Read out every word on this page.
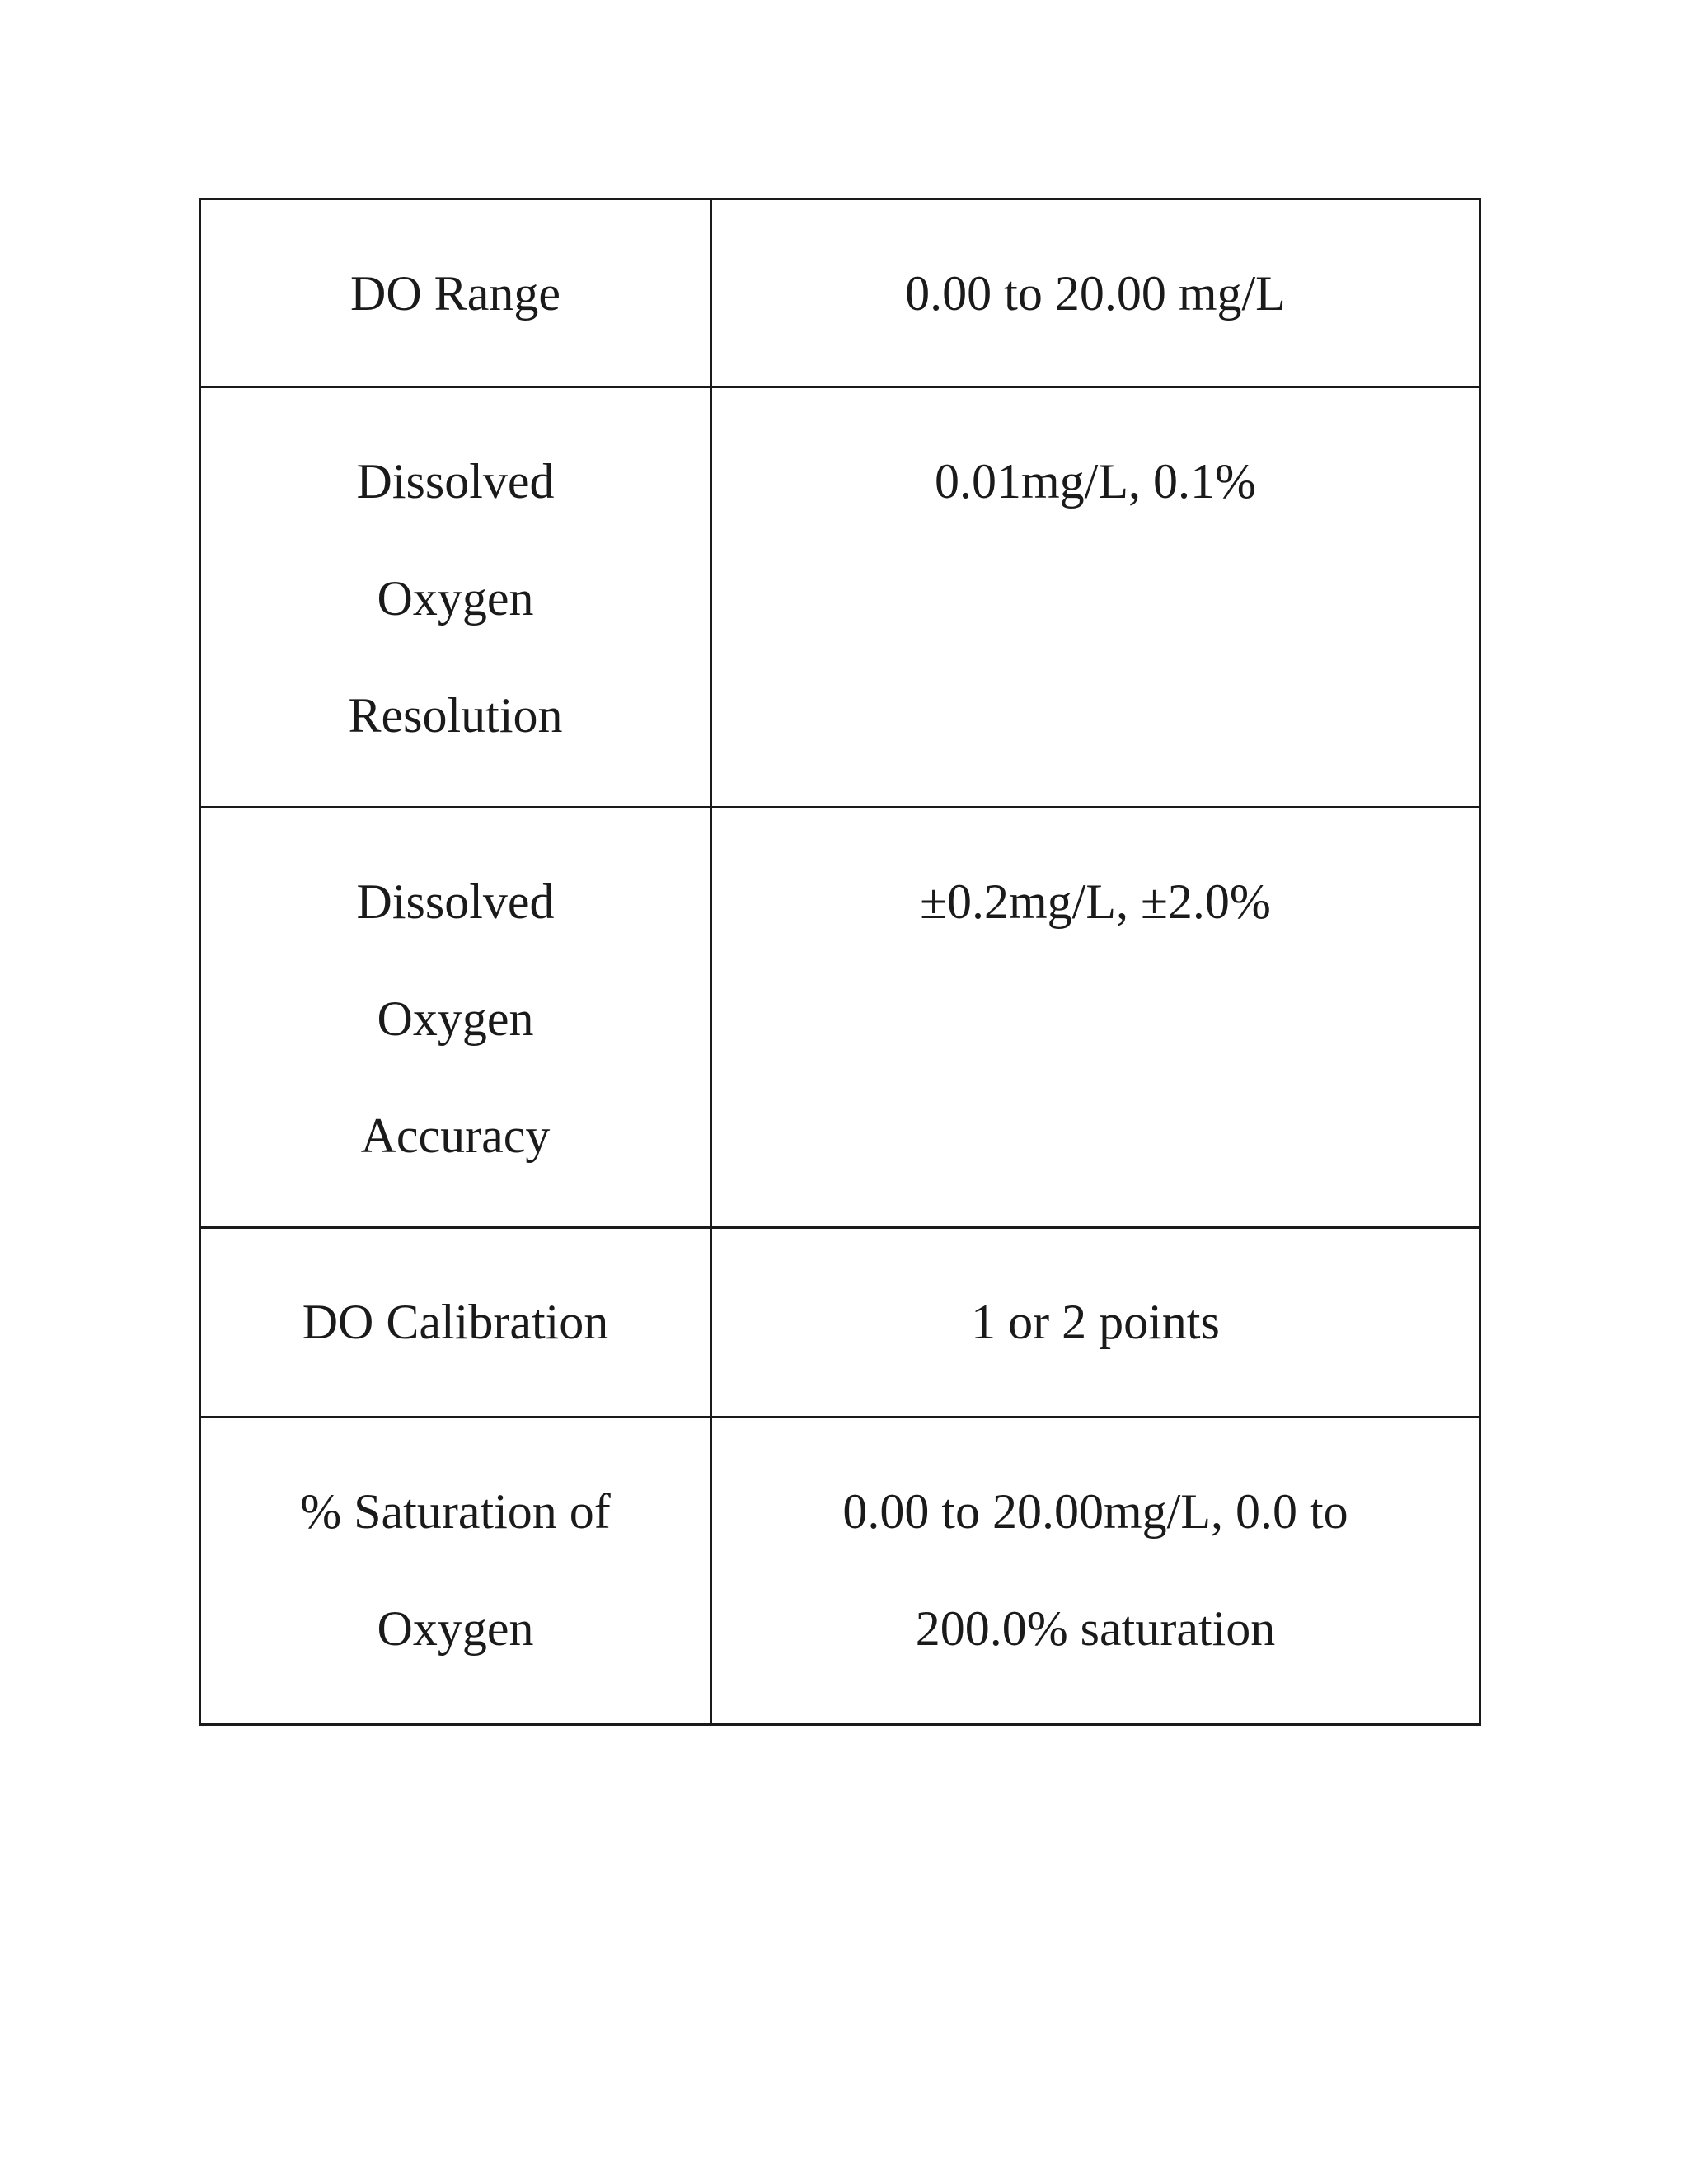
DO Range	0.00 to 20.00 mg/L

Dissolved
Oxygen
Resolution	0.01mg/L, 0.1%

Dissolved
Oxygen
Accuracy	±0.2mg/L, ±2.0%

DO Calibration	1 or 2 points

% Saturation of
Oxygen	0.00 to 20.00mg/L, 0.0 to
200.0% saturation
